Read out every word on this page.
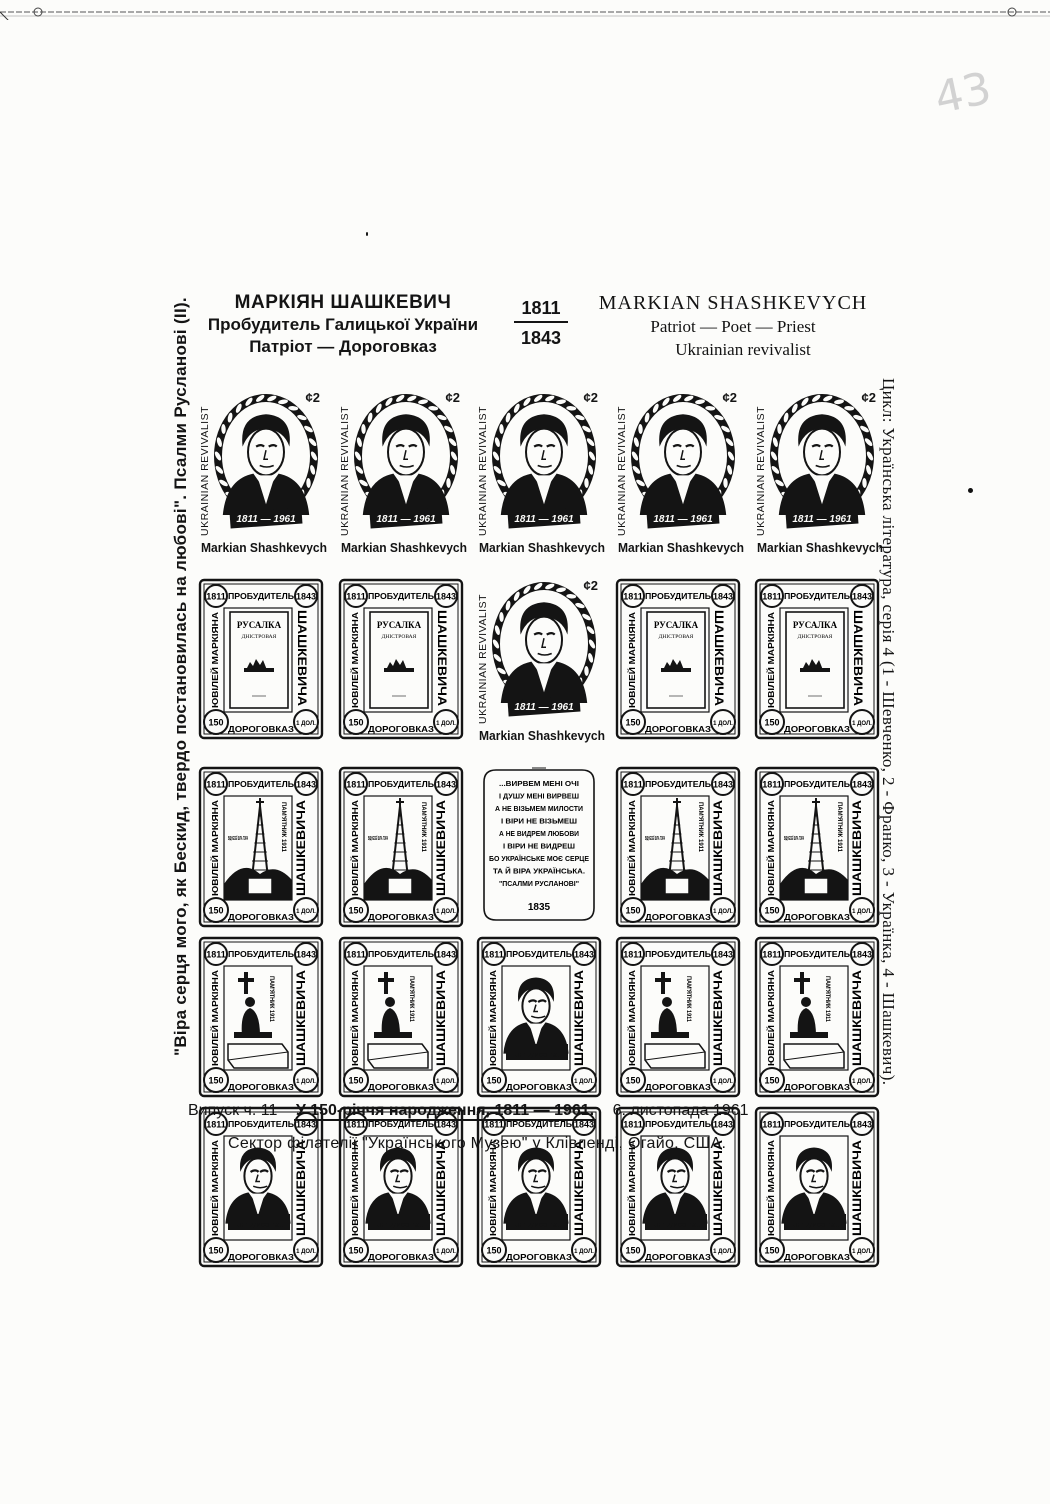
43
МАРКІЯН ШАШКЕВИЧ
Пробудитель Галицької України
Патріот — Дороговказ
1811
1843
MARKIAN SHASHKEVYCH
Patriot — Poet — Priest
Ukrainian revivalist
"Віра серця мого, як Бескид, твердо постановилась на любові". Псалми Русланові (II).	Цикл: Українська література, серія 4 (1 - Шевченко, 2 - Франко, 3 - Українка, 4 - Шашкевич).
1811 — 1961
UKRAINIAN REVIVALIST
¢2
Markian Shashkevych
1811 — 1961
UKRAINIAN REVIVALIST
¢2
Markian Shashkevych
1811 — 1961
UKRAINIAN REVIVALIST
¢2
Markian Shashkevych
1811 — 1961
UKRAINIAN REVIVALIST
¢2
Markian Shashkevych
1811 — 1961
UKRAINIAN REVIVALIST
¢2
Markian Shashkevych
1811	1843
ПРОБУДИТЕЛЬ
150	1 ДОЛ.
ДОРОГОВКАЗ
ЮВІЛЕЙ МАРКІЯНА	ШАШКЕВИЧА
РУСАЛКА
ДНІСТРОВАЯ
1811	1843
ПРОБУДИТЕЛЬ
150	1 ДОЛ.
ДОРОГОВКАЗ
ЮВІЛЕЙ МАРКІЯНА	ШАШКЕВИЧА
РУСАЛКА
ДНІСТРОВАЯ
1811 — 1961
UKRAINIAN REVIVALIST
¢2
Markian Shashkevych
1811	1843
ПРОБУДИТЕЛЬ
150	1 ДОЛ.
ДОРОГОВКАЗ
ЮВІЛЕЙ МАРКІЯНА	ШАШКЕВИЧА
РУСАЛКА
ДНІСТРОВАЯ
1811	1843
ПРОБУДИТЕЛЬ
150	1 ДОЛ.
ДОРОГОВКАЗ
ЮВІЛЕЙ МАРКІЯНА	ШАШКЕВИЧА
РУСАЛКА
ДНІСТРОВАЯ
1811	1843
ПРОБУДИТЕЛЬ
150	1 ДОЛ.
ДОРОГОВКАЗ
ЮВІЛЕЙ МАРКІЯНА	ШАШКЕВИЧА
ВІДНЕСЕЇ БІЛА ГОРА
ПАМ'ЯТНИК 1911
1811	1843
ПРОБУДИТЕЛЬ
150	1 ДОЛ.
ДОРОГОВКАЗ
ЮВІЛЕЙ МАРКІЯНА	ШАШКЕВИЧА
ВІДНЕСЕЇ БІЛА ГОРА
ПАМ'ЯТНИК 1911
...ВИРВЕМ МЕНІ ОЧІ
І ДУШУ МЕНІ ВИРВЕШ
А НЕ ВІЗЬМЕМ МИЛОСТИ
І ВІРИ НЕ ВІЗЬМЕШ
А НЕ ВИДРЕМ ЛЮБОВИ
І ВІРИ НЕ ВИДРЕШ
БО УКРАЇНСЬКЕ МОЄ СЕРЦЕ
ТА Й ВІРА УКРАЇНСЬКА.
"ПСАЛМИ РУСЛАНОВІ"
1835
1811	1843
ПРОБУДИТЕЛЬ
150	1 ДОЛ.
ДОРОГОВКАЗ
ЮВІЛЕЙ МАРКІЯНА	ШАШКЕВИЧА
ВІДНЕСЕЇ БІЛА ГОРА
ПАМ'ЯТНИК 1911
1811	1843
ПРОБУДИТЕЛЬ
150	1 ДОЛ.
ДОРОГОВКАЗ
ЮВІЛЕЙ МАРКІЯНА	ШАШКЕВИЧА
ВІДНЕСЕЇ БІЛА ГОРА
ПАМ'ЯТНИК 1911
1811	1843
ПРОБУДИТЕЛЬ
150	1 ДОЛ.
ДОРОГОВКАЗ
ЮВІЛЕЙ МАРКІЯНА	ШАШКЕВИЧА
ПАМ'ЯТНИК 1911
1811	1843
ПРОБУДИТЕЛЬ
150	1 ДОЛ.
ДОРОГОВКАЗ
ЮВІЛЕЙ МАРКІЯНА	ШАШКЕВИЧА
ПАМ'ЯТНИК 1911
1811	1843
ПРОБУДИТЕЛЬ
150	1 ДОЛ.
ДОРОГОВКАЗ
ЮВІЛЕЙ МАРКІЯНА	ШАШКЕВИЧА
Б.Н. ПІДЛИССЯ 1811
1811	1843
ПРОБУДИТЕЛЬ
150	1 ДОЛ.
ДОРОГОВКАЗ
ЮВІЛЕЙ МАРКІЯНА	ШАШКЕВИЧА
ПАМ'ЯТНИК 1911
1811	1843
ПРОБУДИТЕЛЬ
150	1 ДОЛ.
ДОРОГОВКАЗ
ЮВІЛЕЙ МАРКІЯНА	ШАШКЕВИЧА
ПАМ'ЯТНИК 1911
1811	1843
ПРОБУДИТЕЛЬ
150	1 ДОЛ.
ДОРОГОВКАЗ
ЮВІЛЕЙ МАРКІЯНА	ШАШКЕВИЧА
Б.Н. ПІДЛИССЯ 1811
1811	1843
ПРОБУДИТЕЛЬ
150	1 ДОЛ.
ДОРОГОВКАЗ
ЮВІЛЕЙ МАРКІЯНА	ШАШКЕВИЧА
Б.Н. ПІДЛИССЯ 1811
1811	1843
ПРОБУДИТЕЛЬ
150	1 ДОЛ.
ДОРОГОВКАЗ
ЮВІЛЕЙ МАРКІЯНА	ШАШКЕВИЧА
Б.Н. ПІДЛИССЯ 1811
1811	1843
ПРОБУДИТЕЛЬ
150	1 ДОЛ.
ДОРОГОВКАЗ
ЮВІЛЕЙ МАРКІЯНА	ШАШКЕВИЧА
Б.Н. ПІДЛИССЯ 1811
1811	1843
ПРОБУДИТЕЛЬ
150	1 ДОЛ.
ДОРОГОВКАЗ
ЮВІЛЕЙ МАРКІЯНА	ШАШКЕВИЧА
Б.Н. ПІДЛИССЯ 1811
Випуск ч. 11 У 150-річчя народження, 1811 — 1961. 6. листопада 1961
Сектор філателії "Українського Музею" у Клівленді, Огайо, США.
